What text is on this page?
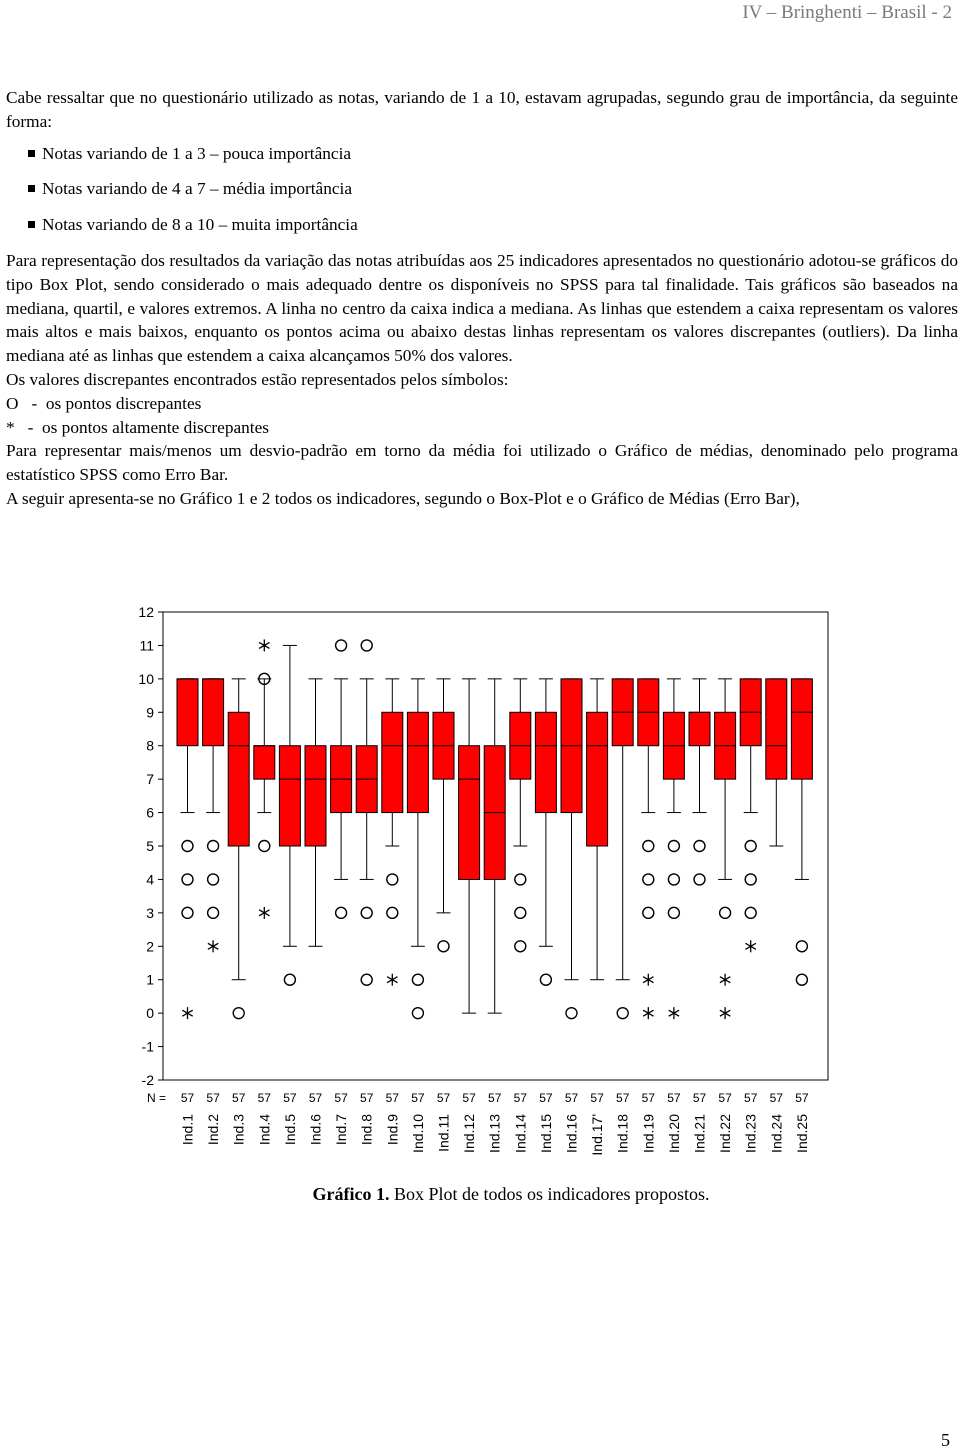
IV – Bringhenti – Brasil - 2

Cabe ressaltar que no questionário utilizado as notas, variando de 1 a 10, estavam agrupadas, segundo grau de importância, da seguinte forma:

Notas variando de 1 a 3 – pouca importância
Notas variando de 4 a 7 – média importância
Notas variando de 8 a 10 – muita importância

Para representação dos resultados da variação das notas atribuídas aos 25 indicadores apresentados no questionário adotou-se gráficos do tipo Box Plot, sendo considerado o mais adequado dentre os disponíveis no SPSS para tal finalidade. Tais gráficos são baseados na mediana, quartil, e valores extremos. A linha no centro da caixa indica a mediana. As linhas que estendem a caixa representam os valores mais altos e mais baixos, enquanto os pontos acima ou abaixo destas linhas representam os valores discrepantes (outliers). Da linha mediana até as linhas que estendem a caixa alcançamos 50% dos valores.

Os valores discrepantes encontrados estão representados pelos símbolos:

O   -  os pontos discrepantes
*   -  os pontos altamente discrepantes

Para representar mais/menos um desvio-padrão em torno da média foi utilizado o Gráfico de médias, denominado pelo programa estatístico SPSS como Erro Bar.

A seguir apresenta-se no Gráfico 1 e 2 todos os indicadores, segundo o Box-Plot e o Gráfico de Médias (Erro Bar),

12
11
10
9
8
7
6
5
4
3
2
1
0
-1
-2
N = 57
Ind.1
57
Ind.2
57
Ind.3
57
Ind.4
57
Ind.5
57
Ind.6
57
Ind.7
57
Ind.8
57
Ind.9
57
Ind.10
57
Ind.11
57
Ind.12
57
Ind.13
57
Ind.14
57
Ind.15
57
Ind.16
57
Ind.17'
57
Ind.18
57
Ind.19
57
Ind.20
57
Ind.21
57
Ind.22
57
Ind.23
57
Ind.24
57
Ind.25
Gráfico 1. Box Plot de todos os indicadores propostos.
5
